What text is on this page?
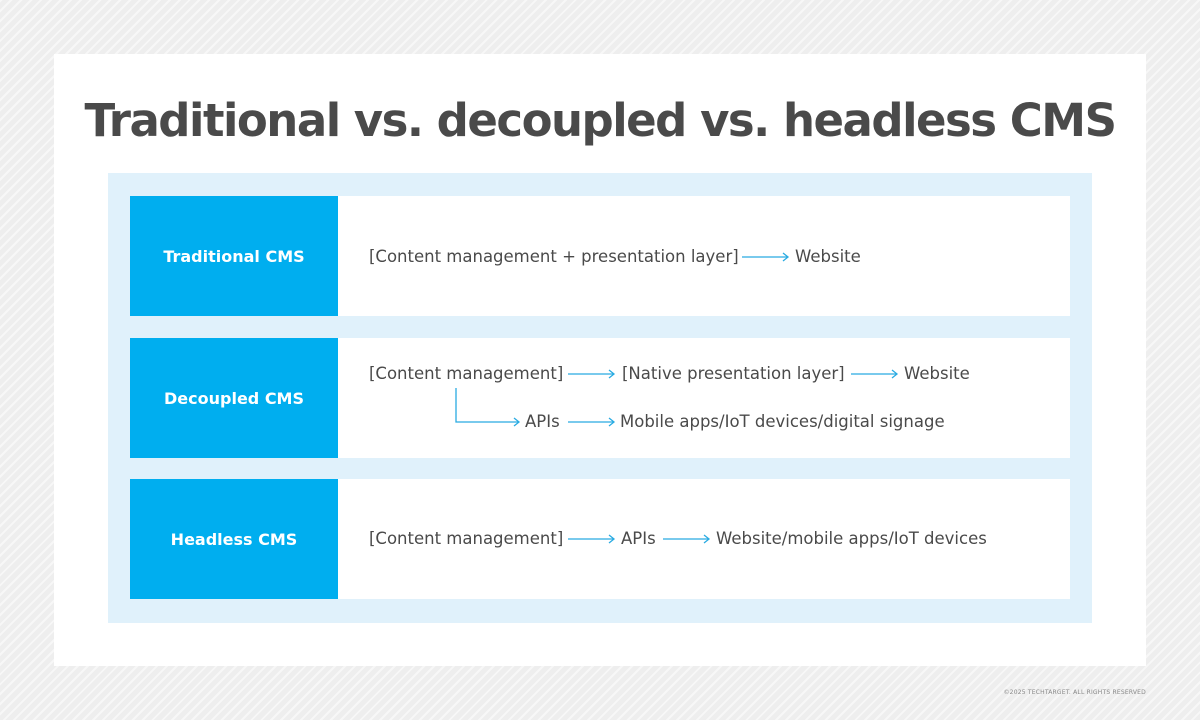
Traditional vs. decoupled vs. headless CMS
Traditional CMS	[Content management + presentation layer]	Website
Decoupled CMS
[Content management]	[Native presentation layer]	Website
APIs	Mobile apps/IoT devices/digital signage
Headless CMS	[Content management]	APIs	Website/mobile apps/IoT devices
©2025 TECHTARGET. ALL RIGHTS RESERVED
